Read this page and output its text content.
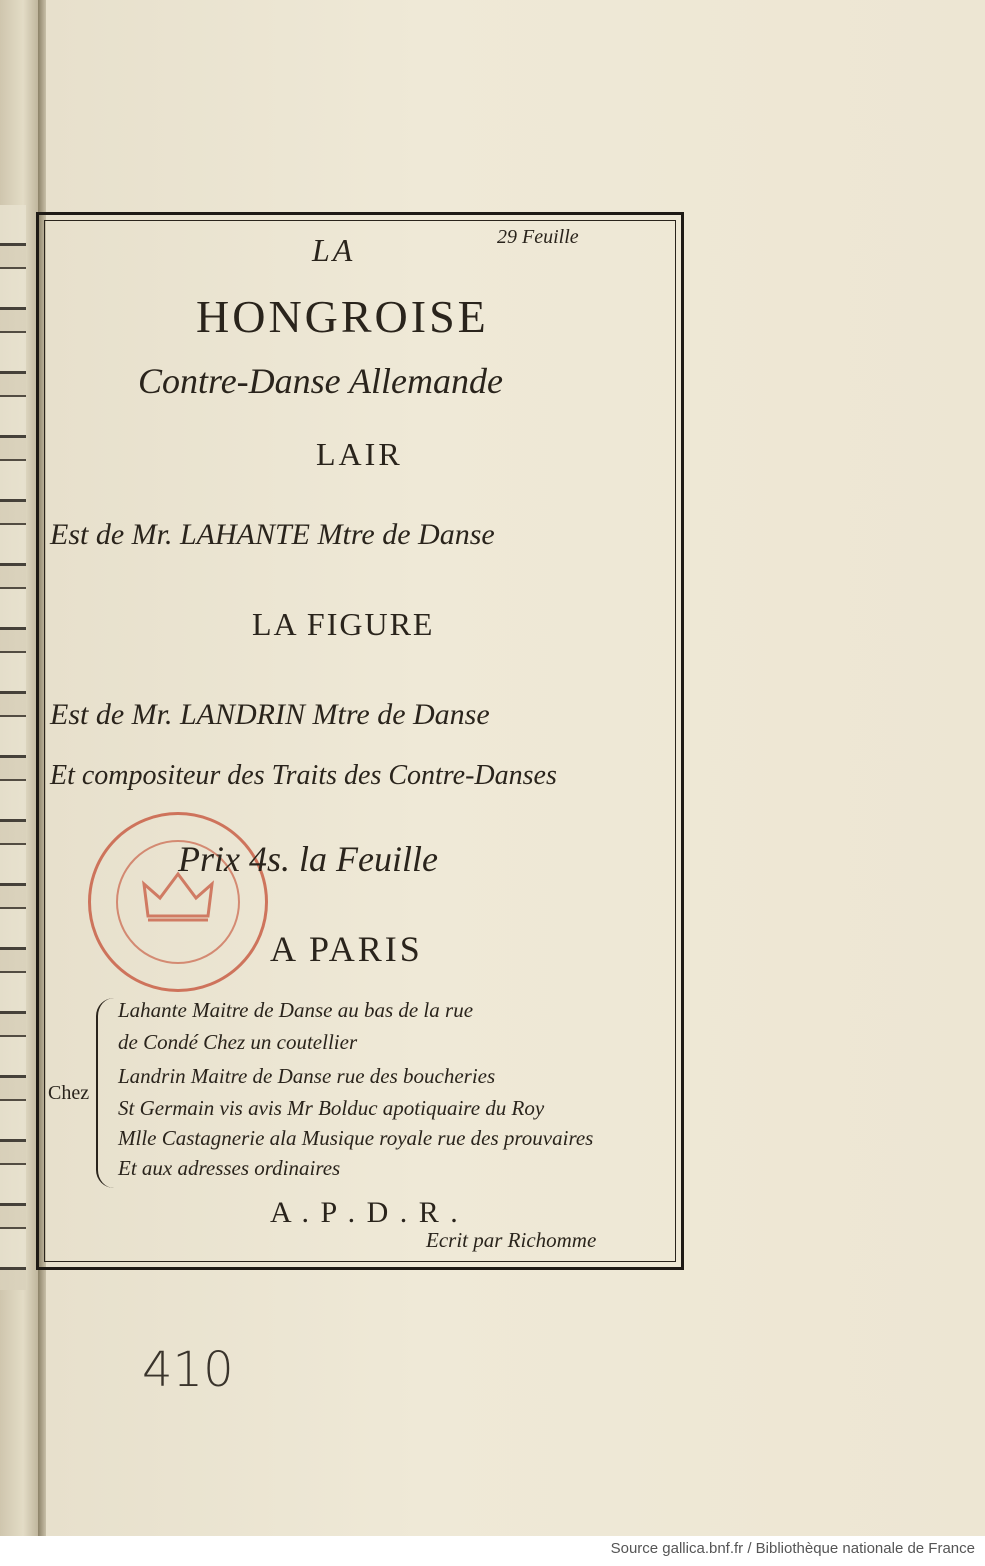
29 Feuille
LA
HONGROISE
Contre-Danse Allemande
LAIR
Est de Mr. LAHANTE Mtre de Danse
LA FIGURE
Est de Mr. LANDRIN Mtre de Danse
Et compositeur des Traits des Contre-Danses
Prix 4s. la Feuille
A PARIS
Chez
Lahante Maitre de Danse au bas de la rue
de Condé Chez un coutellier
Landrin Maitre de Danse rue des boucheries
St Germain vis avis Mr Bolduc apotiquaire du Roy
Mlle Castagnerie ala Musique royale rue des prouvaires
Et aux adresses ordinaires
A . P . D . R .
Ecrit par Richomme
410
Source gallica.bnf.fr / Bibliothèque nationale de France
